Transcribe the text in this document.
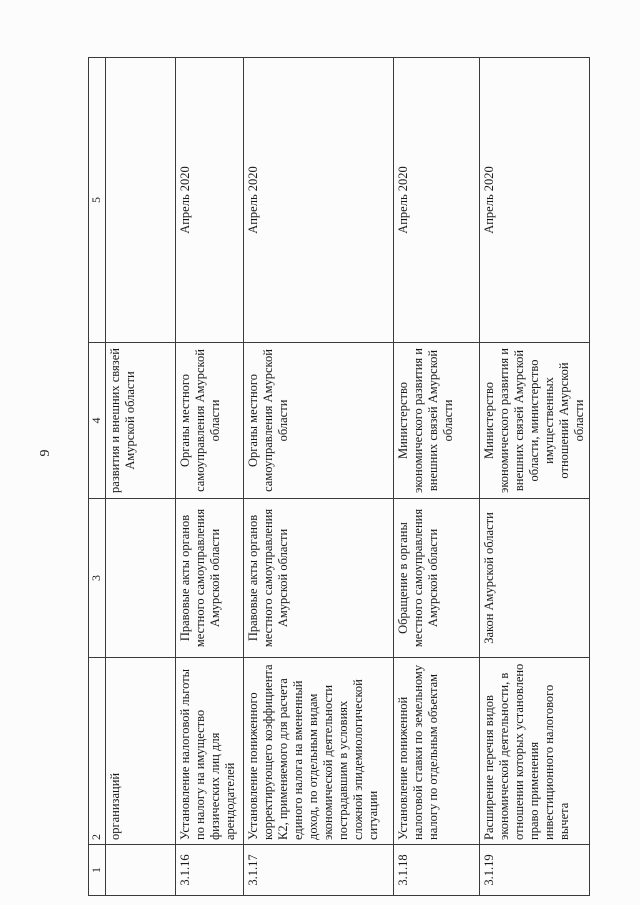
9
1	2	3	4	5
	организаций		развития и внешних связей Амурской области	
3.1.16	Установление налоговой льготы по налогу на имущество физических лиц для арендодателей	Правовые акты органов местного самоуправления Амурской области	Органы местного самоуправления Амурской области	Апрель 2020
3.1.17	Установление пониженного корректирующего коэффициента К2, применяемого для расчета единого налога на вмененный доход, по отдельным видам экономической деятельности пострадавшим в условиях сложной эпидемиологической ситуации	Правовые акты органов местного самоуправления Амурской области	Органы местного самоуправления Амурской области	Апрель 2020
3.1.18	Установление пониженной налоговой ставки по земельному налогу по отдельным объектам	Обращение в органы местного самоуправления Амурской области	Министерство экономического развития и внешних связей Амурской области	Апрель 2020
3.1.19	Расширение перечня видов экономической деятельности, в отношении которых установлено право применения инвестиционного налогового вычета	Закон Амурской области	Министерство экономического развития и внешних связей Амурской области, министерство имущественных отношений Амурской области	Апрель 2020
